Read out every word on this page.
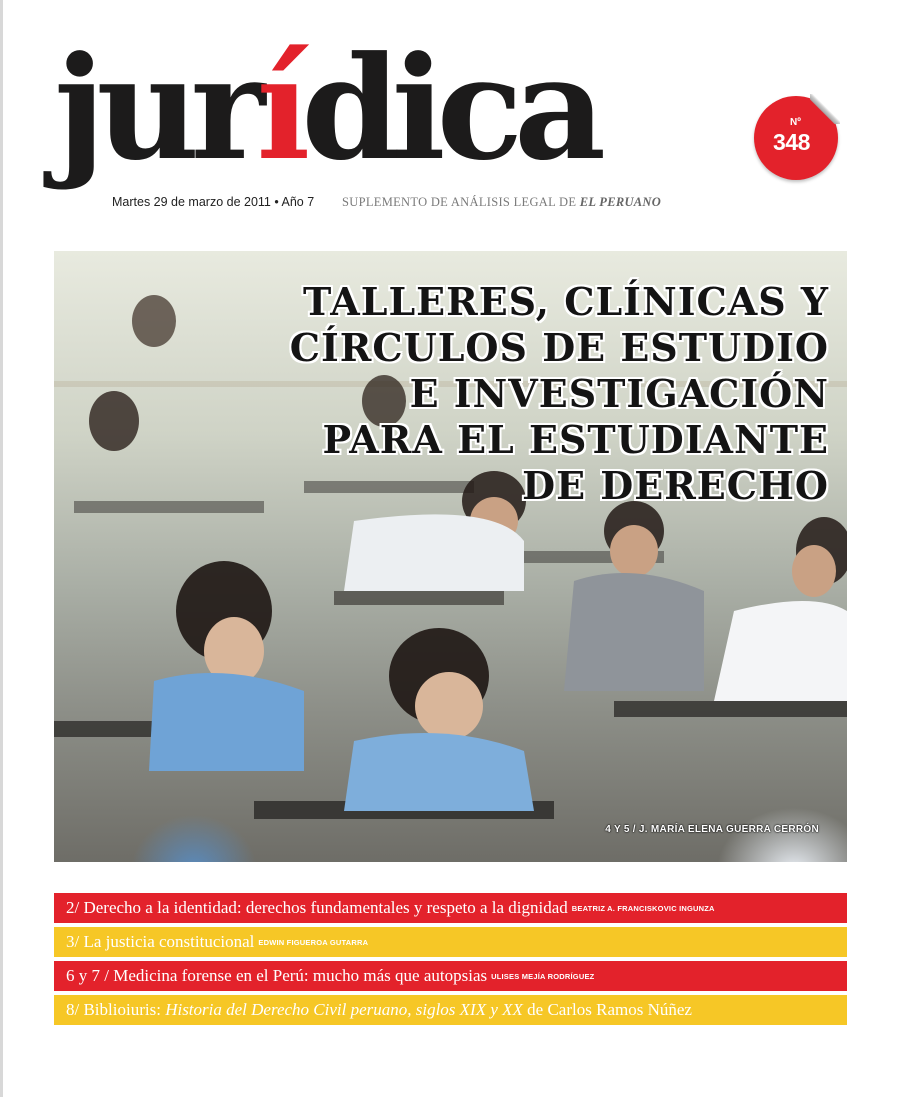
jurídica
Martes 29 de marzo de 2011 • Año 7 SUPLEMENTO DE ANÁLISIS LEGAL DE EL PERUANO
Nº
348
TALLERES, CLÍNICAS Y
CÍRCULOS DE ESTUDIO
E INVESTIGACIÓN
PARA EL ESTUDIANTE
DE DERECHO
4 Y 5 / J. MARÍA ELENA GUERRA CERRÓN
2/ Derecho a la identidad: derechos fundamentales y respeto a la dignidad BEATRIZ A. FRANCISKOVIC INGUNZA
3/ La justicia constitucional EDWIN FIGUEROA GUTARRA
6 y 7 / Medicina forense en el Perú: mucho más que autopsias ULISES MEJÍA RODRÍGUEZ
8/ Biblioiuris: Historia del Derecho Civil peruano, siglos XIX y XX de Carlos Ramos Núñez
